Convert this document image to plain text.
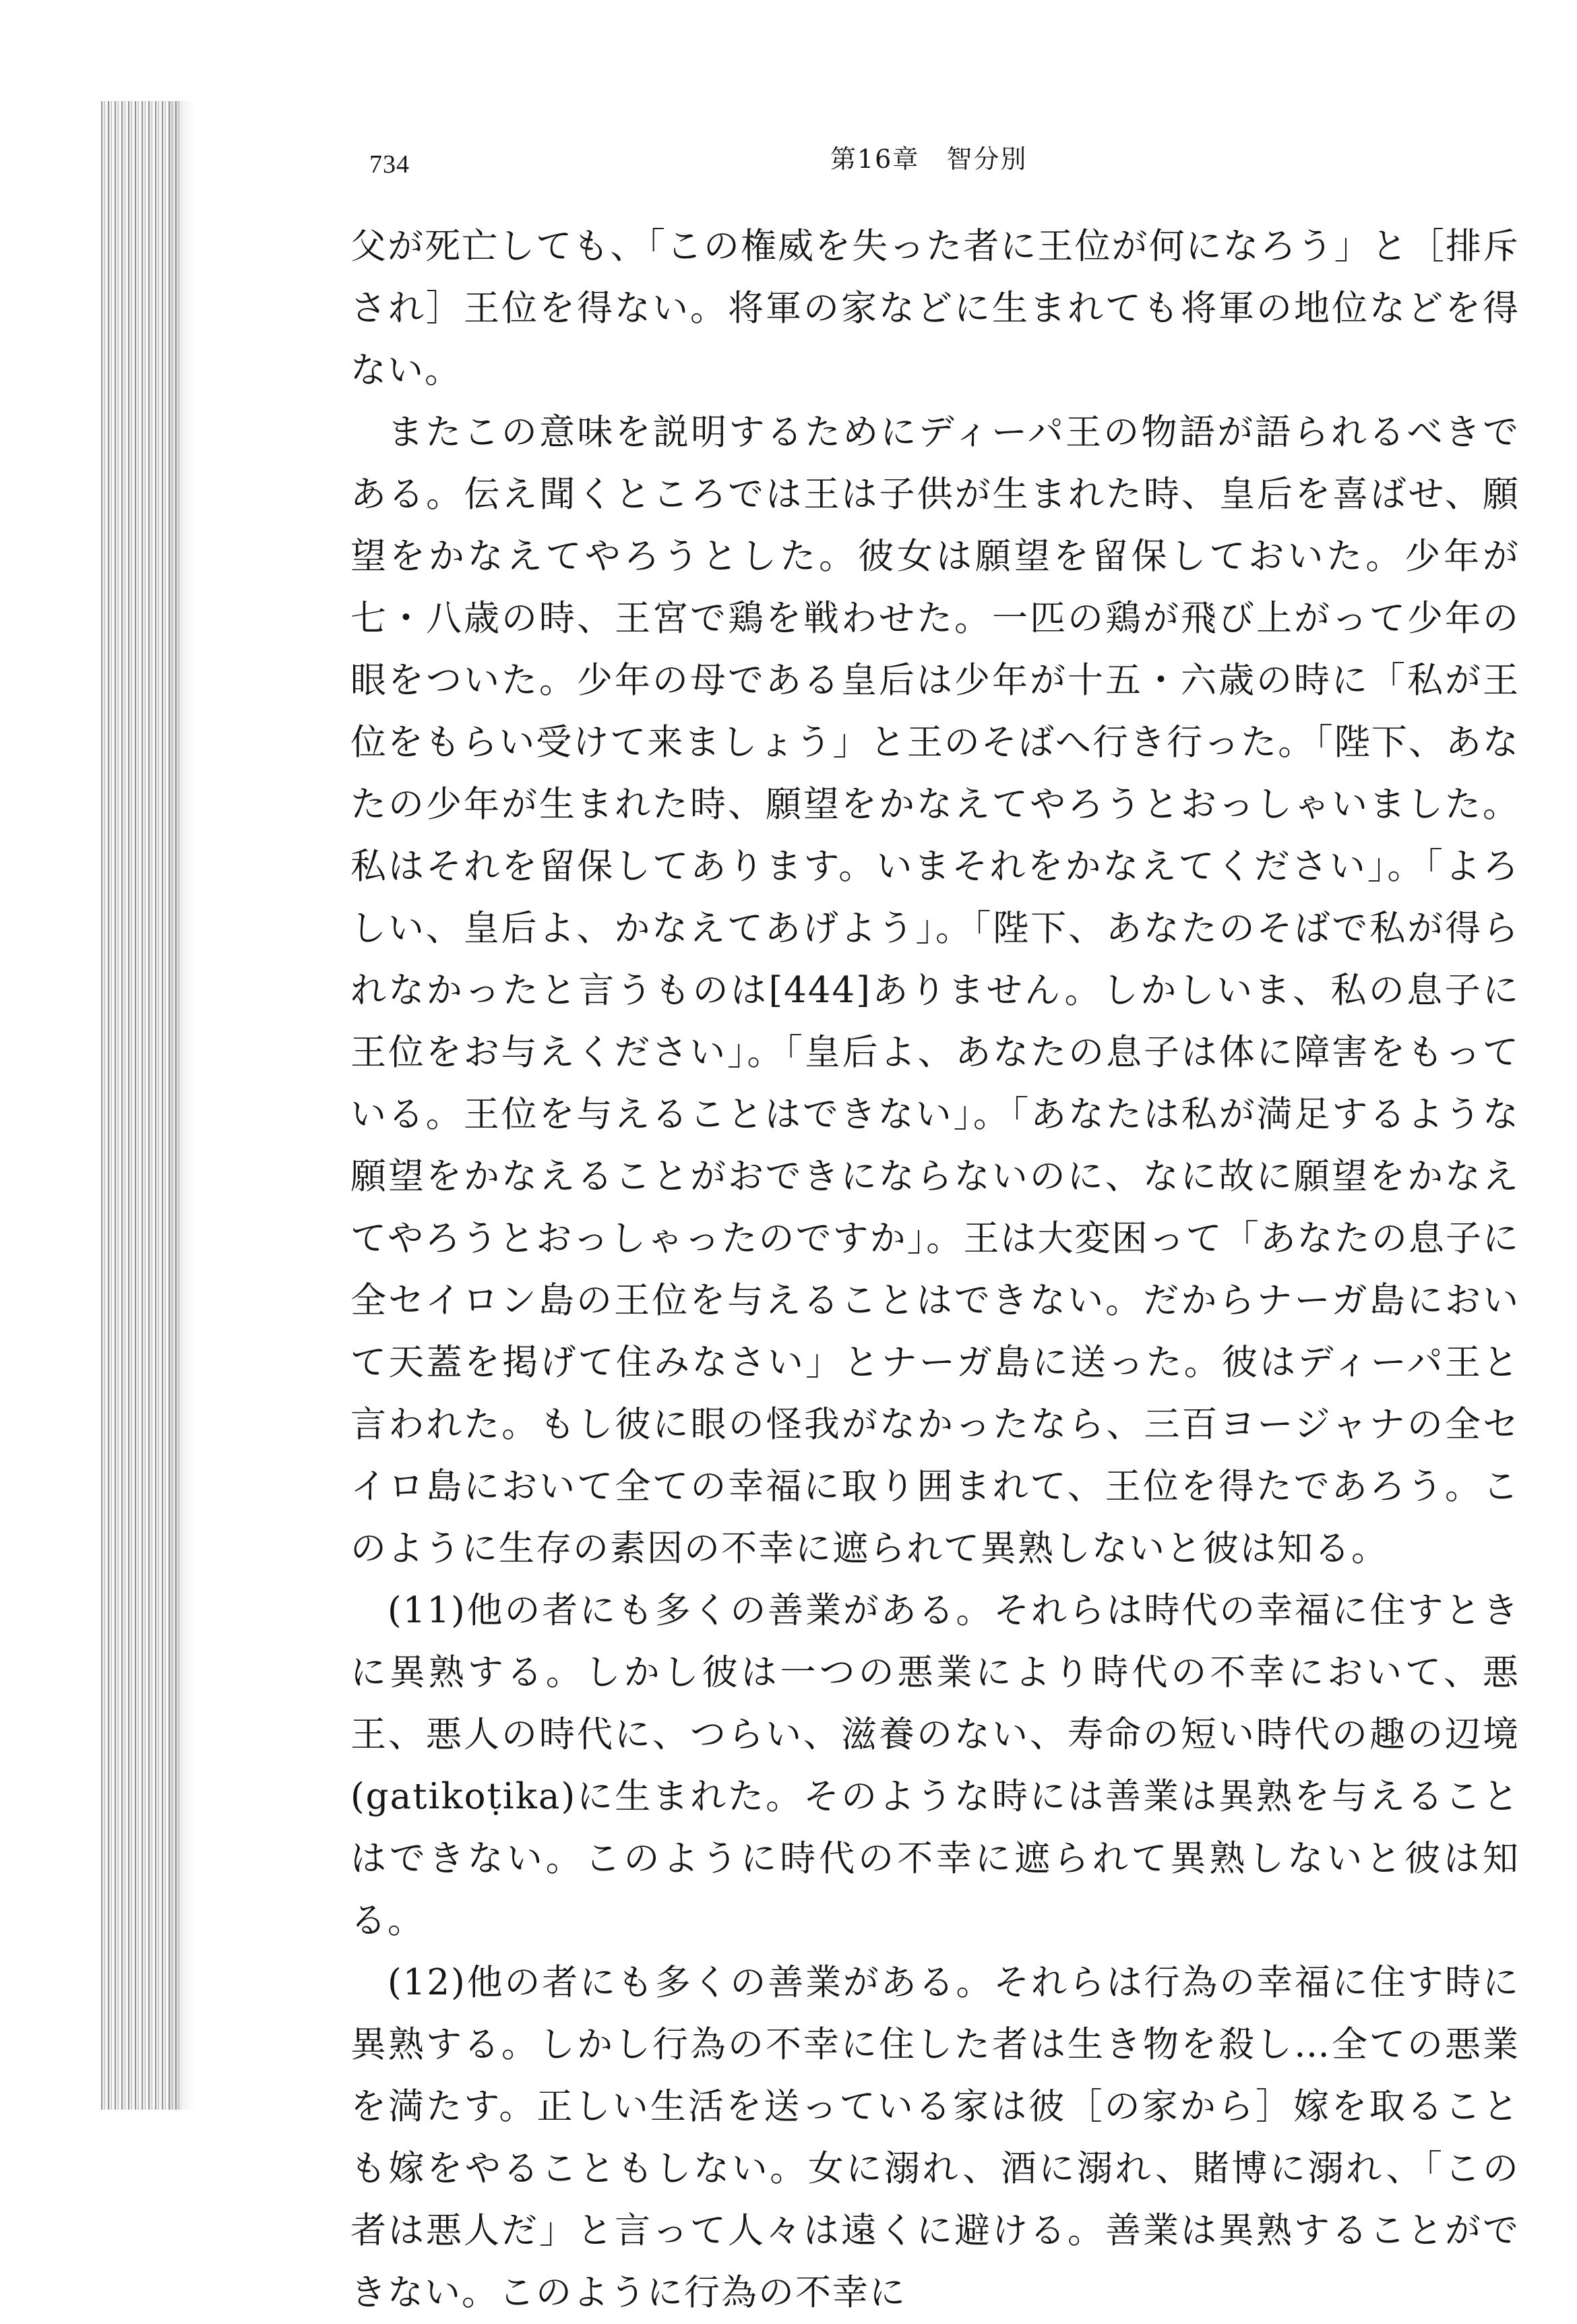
734	第16章　智分別

父が死亡しても、「この権威を失った者に王位が何になろう」と［排斥され］王位を得ない。将軍の家などに生まれても将軍の地位などを得ない。

またこの意味を説明するためにディーパ王の物語が語られるべきである。伝え聞くところでは王は子供が生まれた時、皇后を喜ばせ、願望をかなえてやろうとした。彼女は願望を留保しておいた。少年が七・八歳の時、王宮で鶏を戦わせた。一匹の鶏が飛び上がって少年の眼をついた。少年の母である皇后は少年が十五・六歳の時に「私が王位をもらい受けて来ましょう」と王のそばへ行き行った。「陛下、あなたの少年が生まれた時、願望をかなえてやろうとおっしゃいました。私はそれを留保してあります。いまそれをかなえてください」。「よろしい、皇后よ、かなえてあげよう」。「陛下、あなたのそばで私が得られなかったと言うものは[444]ありません。しかしいま、私の息子に王位をお与えください」。「皇后よ、あなたの息子は体に障害をもっている。王位を与えることはできない」。「あなたは私が満足するような願望をかなえることがおできにならないのに、なに故に願望をかなえてやろうとおっしゃったのですか」。王は大変困って「あなたの息子に全セイロン島の王位を与えることはできない。だからナーガ島において天蓋を掲げて住みなさい」とナーガ島に送った。彼はディーパ王と言われた。もし彼に眼の怪我がなかったなら、三百ヨージャナの全セイロ島において全ての幸福に取り囲まれて、王位を得たであろう。このように生存の素因の不幸に遮られて異熟しないと彼は知る。

(11)他の者にも多くの善業がある。それらは時代の幸福に住すときに異熟する。しかし彼は一つの悪業により時代の不幸において、悪王、悪人の時代に、つらい、滋養のない、寿命の短い時代の趣の辺境(gatikoṭika)に生まれた。そのような時には善業は異熟を与えることはできない。このように時代の不幸に遮られて異熟しないと彼は知る。

(12)他の者にも多くの善業がある。それらは行為の幸福に住す時に異熟する。しかし行為の不幸に住した者は生き物を殺し…全ての悪業を満たす。正しい生活を送っている家は彼［の家から］嫁を取ることも嫁をやることもしない。女に溺れ、酒に溺れ、賭博に溺れ、「この者は悪人だ」と言って人々は遠くに避ける。善業は異熟することができない。このように行為の不幸に
